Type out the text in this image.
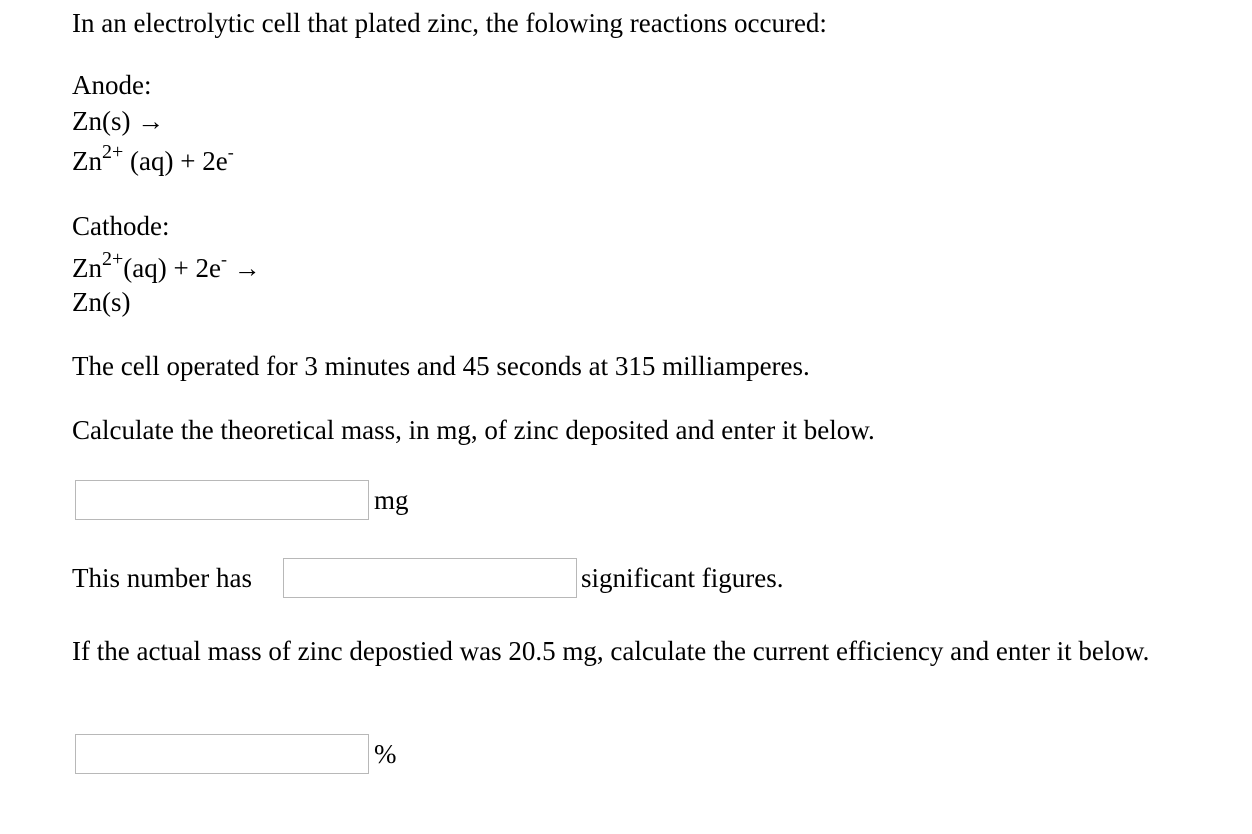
In an electrolytic cell that plated zinc, the folowing reactions occured:
Anode:
Zn(s) →
$Zn^{2+}$ (aq) + 2e-
Cathode:
$Zn^{2+}(aq) + 2e^-$ →
Zn(s)
The cell operated for 3 minutes and 45 seconds at 315 milliamperes.
Calculate the theoretical mass, in mg, of zinc deposited and enter it below.
mg
This number has	significant figures.
If the actual mass of zinc depostied was 20.5 mg, calculate the current efficiency and enter it below.
%
